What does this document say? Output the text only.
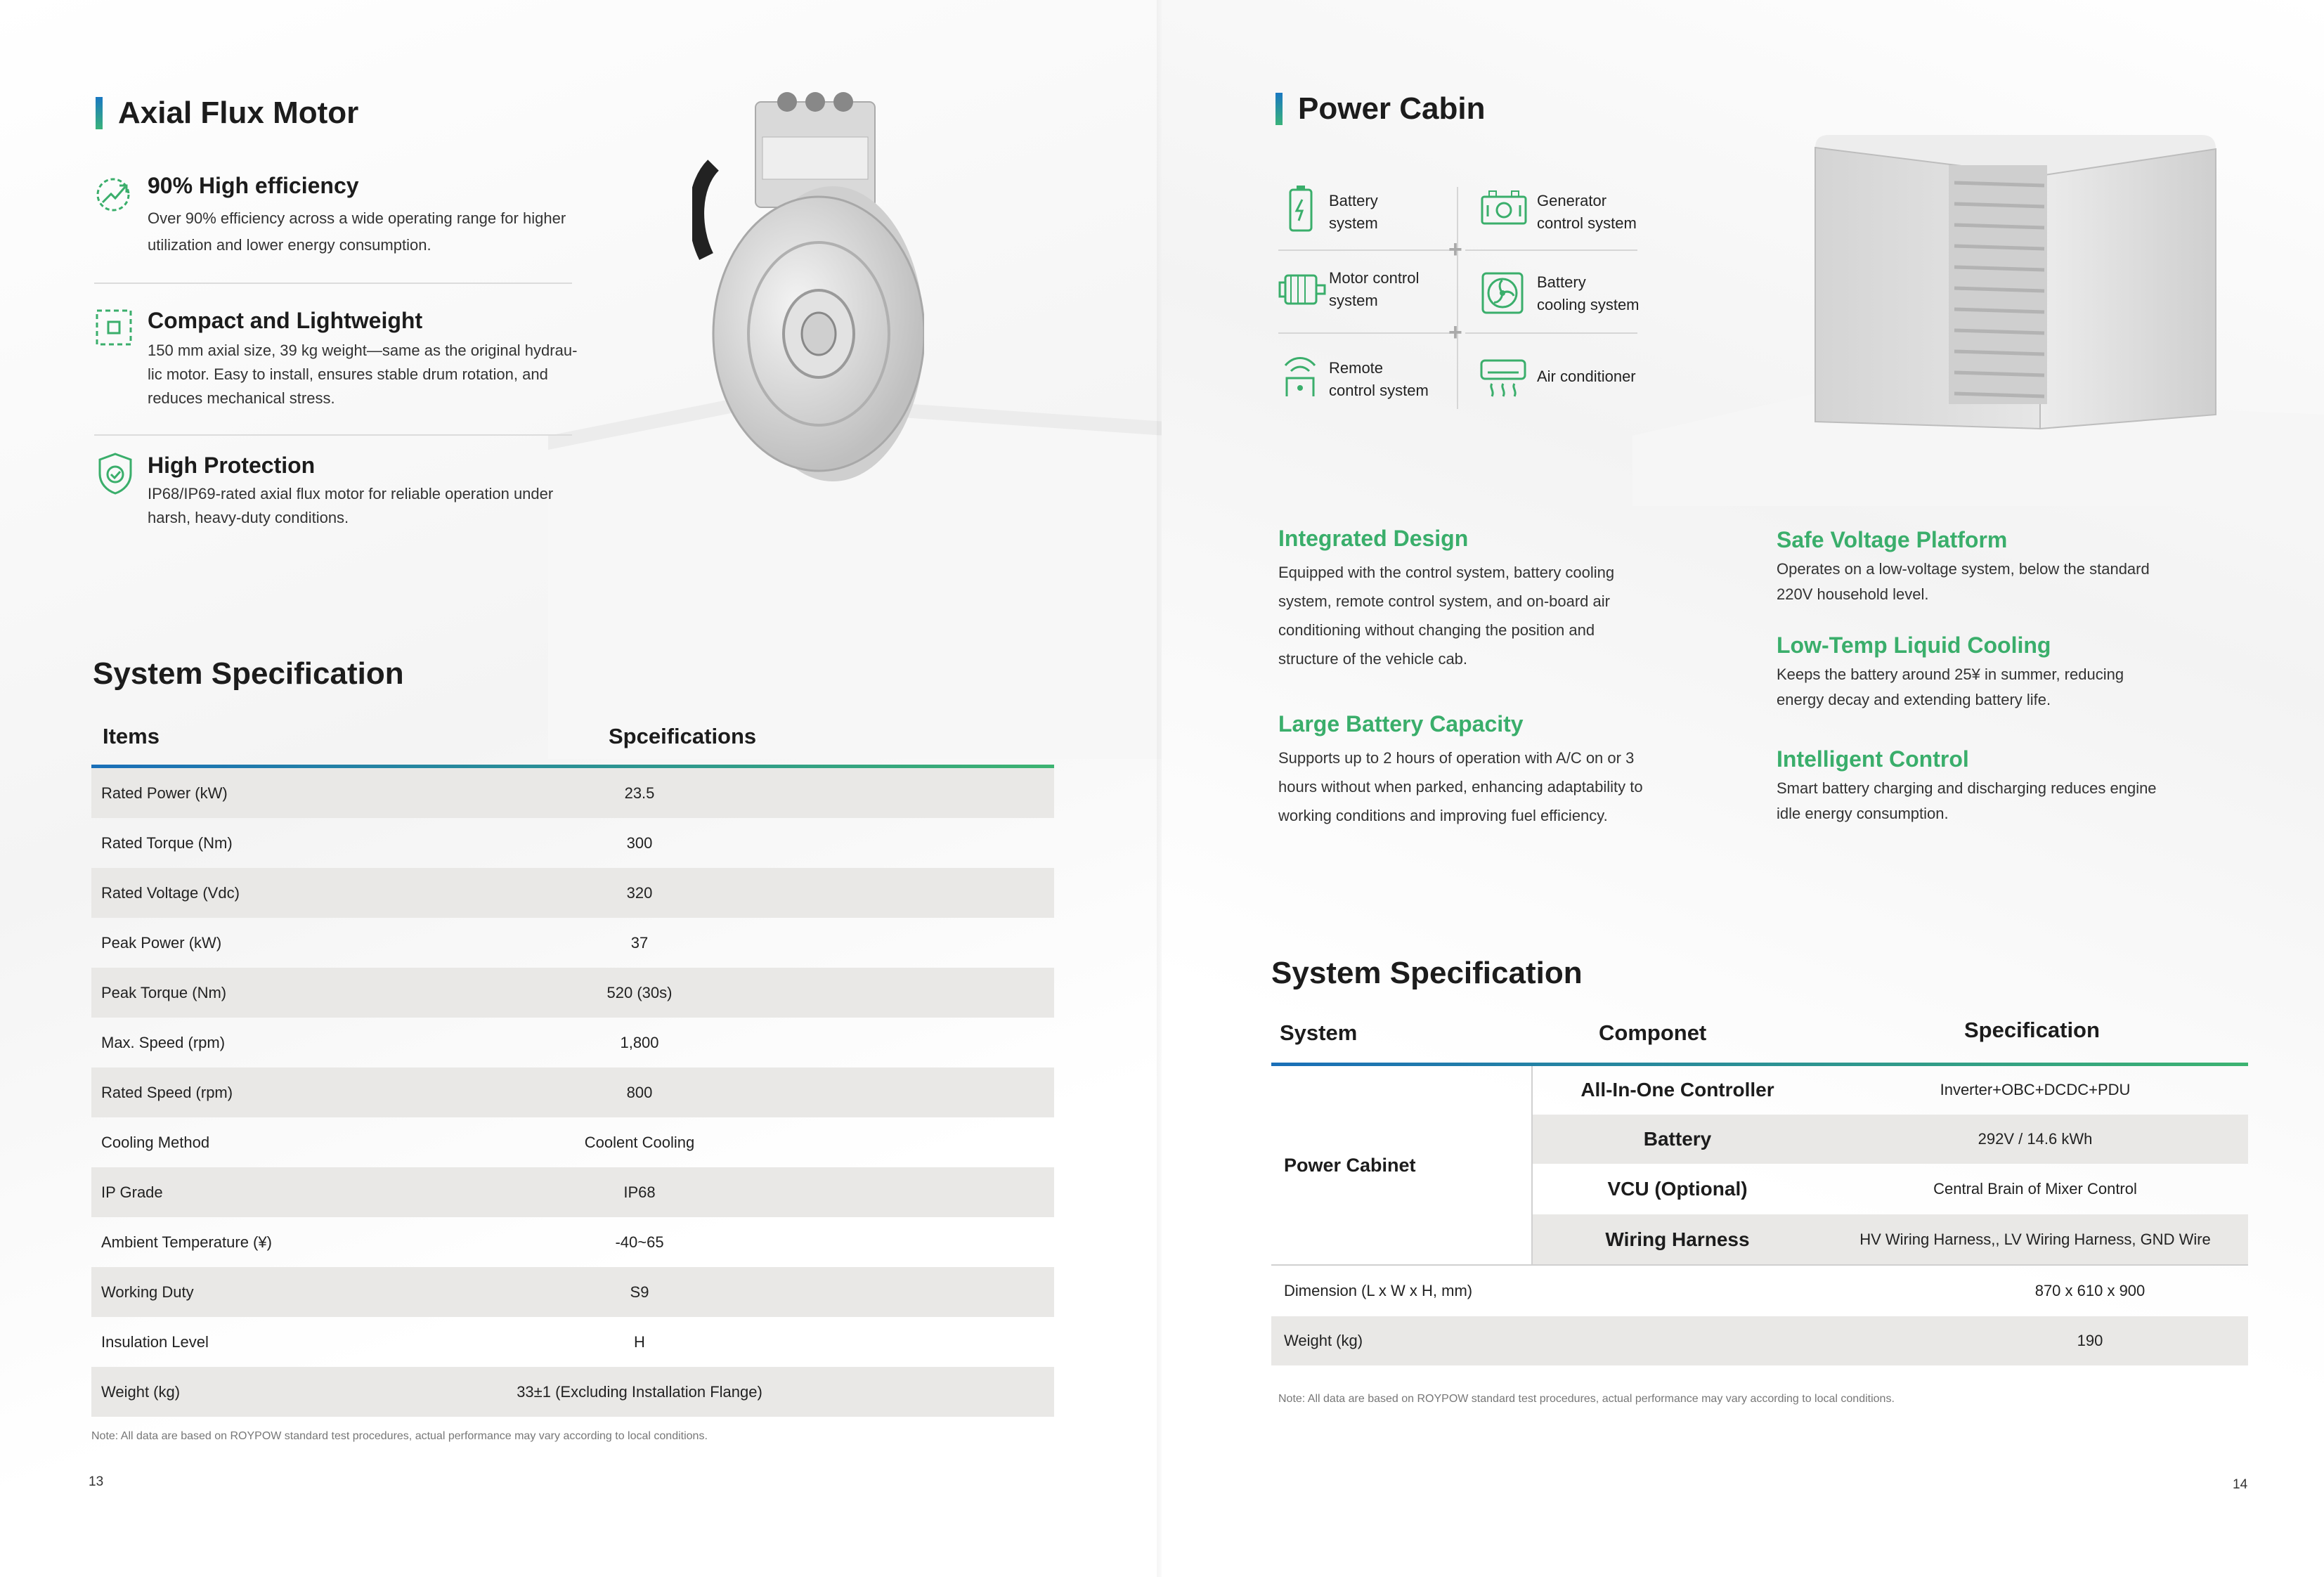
Axial Flux Motor
90% High efficiency
Over 90% efficiency across a wide operating range for higher
utilization and lower energy consumption.
Compact and Lightweight
150 mm axial size, 39 kg weight—same as the original hydrau-
lic motor. Easy to install, ensures stable drum rotation, and
reduces mechanical stress.
High Protection
IP68/IP69-rated axial flux motor for reliable operation under
harsh, heavy-duty conditions.
System Specification
Items	Spceifications
Rated Power (kW)	23.5
Rated Torque (Nm)	300
Rated Voltage (Vdc)	320
Peak Power (kW)	37
Peak Torque (Nm)	520 (30s)
Max. Speed (rpm)	1,800
Rated Speed (rpm)	800
Cooling Method	Coolent Cooling
IP Grade	IP68
Ambient Temperature (¥)	-40~65
Working Duty	S9
Insulation Level	H
Weight (kg)	33±1 (Excluding Installation Flange)
Note: All data are based on ROYPOW standard test procedures, actual performance may vary according to local conditions.
13
Power Cabin
+
+
Battery
system
Generator
control system
Motor control
system
Battery
cooling system
Remote
control system
Air conditioner
Integrated Design
Equipped with the control system, battery cooling
system, remote control system, and on-board air
conditioning without changing the position and
structure of the vehicle cab.
Large Battery Capacity
Supports up to 2 hours of operation with A/C on or 3
hours without when parked, enhancing adaptability to
working conditions and improving fuel efficiency.
Safe Voltage Platform
Operates on a low-voltage system, below the standard
220V household level.
Low-Temp Liquid Cooling
Keeps the battery around 25¥ in summer, reducing
energy decay and extending battery life.
Intelligent Control
Smart battery charging and discharging reduces engine
idle energy consumption.
System Specification
System	Componet	Specification
Power Cabinet
All-In-One Controller	Inverter+OBC+DCDC+PDU
Battery	292V / 14.6 kWh
VCU (Optional)	Central Brain of Mixer Control
Wiring Harness	HV Wiring Harness,, LV Wiring Harness, GND Wire
Dimension (L x W x H, mm)	870 x 610 x 900
Weight (kg)	190
Note: All data are based on ROYPOW standard test procedures, actual performance may vary according to local conditions.
14
